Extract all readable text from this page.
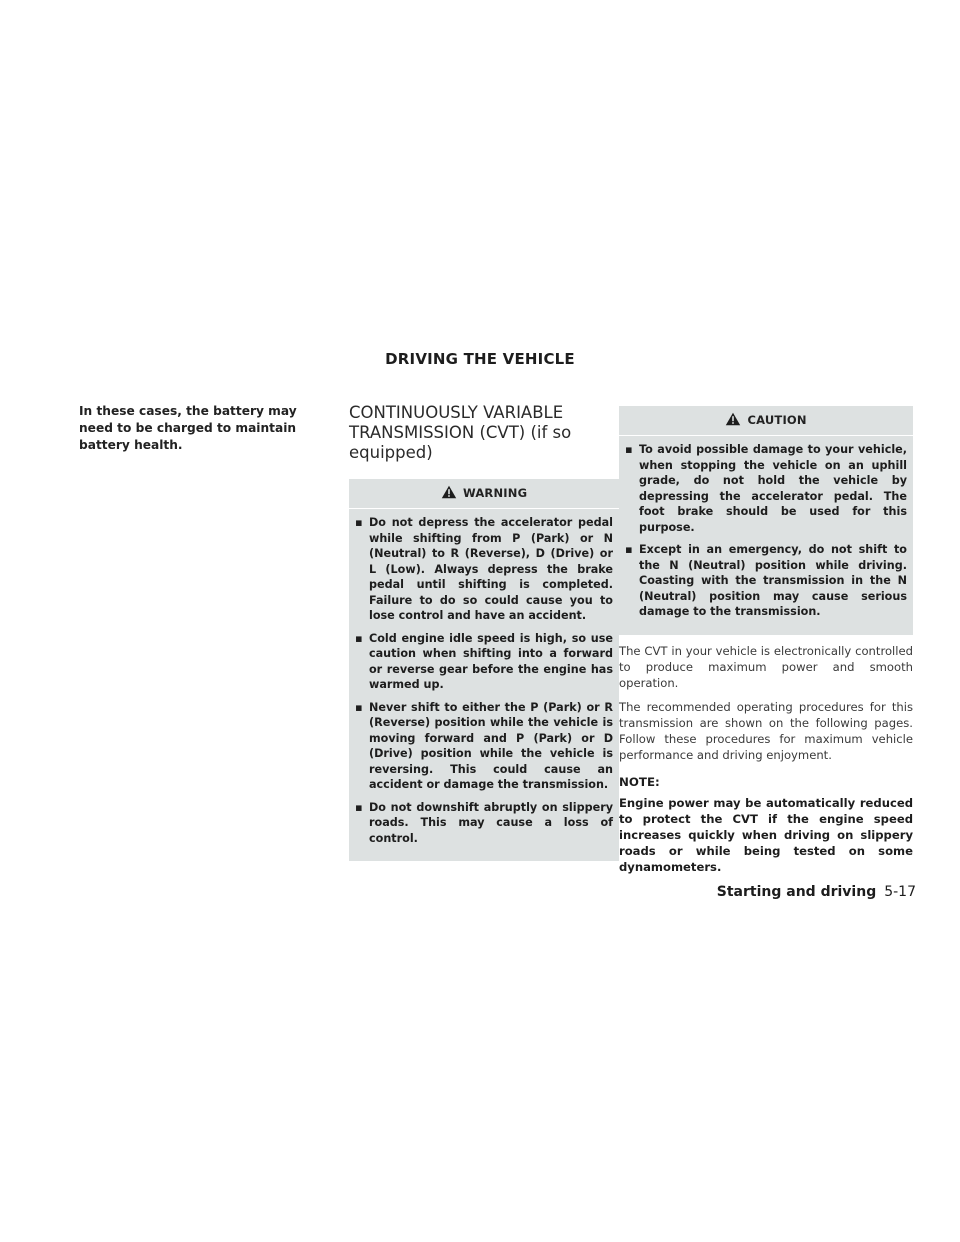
DRIVING THE VEHICLE

In these cases, the battery may need to be charged to maintain battery health.

CONTINUOUSLY VARIABLE TRANSMISSION (CVT) (if so equipped)
WARNING
▪ Do not depress the accelerator pedal while shifting from P (Park) or N (Neutral) to R (Reverse), D (Drive) or L (Low). Always depress the brake pedal until shifting is completed. Failure to do so could cause you to lose control and have an accident.
▪ Cold engine idle speed is high, so use caution when shifting into a forward or reverse gear before the engine has warmed up.
▪ Never shift to either the P (Park) or R (Reverse) position while the vehicle is moving forward and P (Park) or D (Drive) position while the vehicle is reversing. This could cause an accident or damage the transmission.
▪ Do not downshift abruptly on slippery roads. This may cause a loss of control.
CAUTION
▪ To avoid possible damage to your vehicle, when stopping the vehicle on an uphill grade, do not hold the vehicle by depressing the accelerator pedal. The foot brake should be used for this purpose.
▪ Except in an emergency, do not shift to the N (Neutral) position while driving. Coasting with the transmission in the N (Neutral) position may cause serious damage to the transmission.

The CVT in your vehicle is electronically controlled to produce maximum power and smooth operation.

The recommended operating procedures for this transmission are shown on the following pages. Follow these procedures for maximum vehicle performance and driving enjoyment.

NOTE:

Engine power may be automatically reduced to protect the CVT if the engine speed increases quickly when driving on slippery roads or while being tested on some dynamometers.

Starting and driving 5-17
